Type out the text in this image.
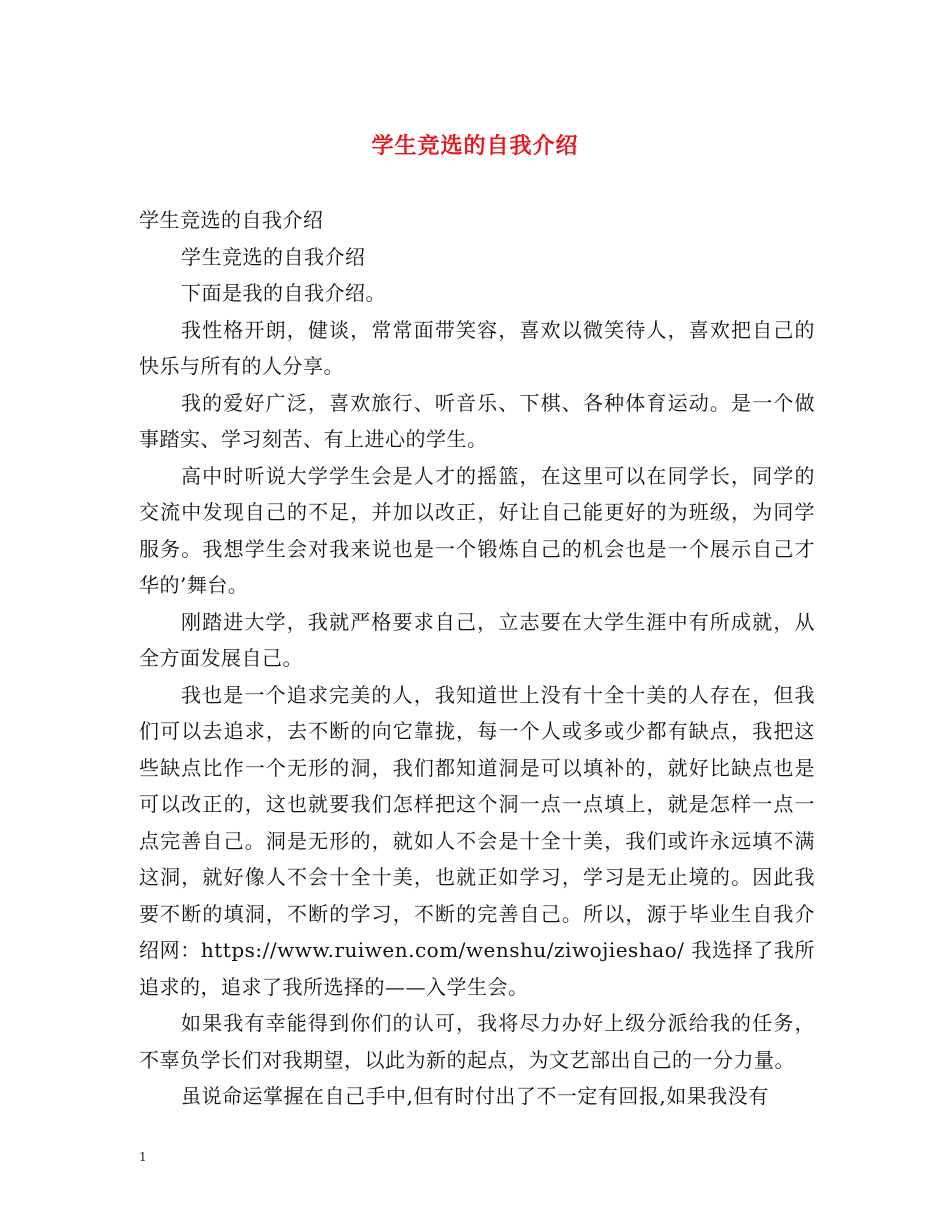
学生竞选的自我介绍

学生竞选的自我介绍

学生竞选的自我介绍

下面是我的自我介绍。

我性格开朗，健谈，常常面带笑容，喜欢以微笑待人，喜欢把自己的快乐与所有的人分享。

我的爱好广泛，喜欢旅行、听音乐、下棋、各种体育运动。是一个做事踏实、学习刻苦、有上进心的学生。

高中时听说大学学生会是人才的摇篮，在这里可以在同学长，同学的交流中发现自己的不足，并加以改正，好让自己能更好的为班级，为同学服务。我想学生会对我来说也是一个锻炼自己的机会也是一个展示自己才华的’舞台。

刚踏进大学，我就严格要求自己，立志要在大学生涯中有所成就，从全方面发展自己。

我也是一个追求完美的人，我知道世上没有十全十美的人存在，但我们可以去追求，去不断的向它靠拢，每一个人或多或少都有缺点，我把这些缺点比作一个无形的洞，我们都知道洞是可以填补的，就好比缺点也是可以改正的，这也就要我们怎样把这个洞一点一点填上，就是怎样一点一点完善自己。洞是无形的，就如人不会是十全十美，我们或许永远填不满这洞，就好像人不会十全十美，也就正如学习，学习是无止境的。因此我要不断的填洞，不断的学习，不断的完善自己。所以，源于毕业生自我介绍网：https://www.ruiwen.com/wenshu/ziwojieshao/ 我选择了我所追求的，追求了我所选择的——入学生会。

如果我有幸能得到你们的认可，我将尽力办好上级分派给我的任务，不辜负学长们对我期望，以此为新的起点，为文艺部出自己的一分力量。

虽说命运掌握在自己手中,但有时付出了不一定有回报,如果我没有

1
